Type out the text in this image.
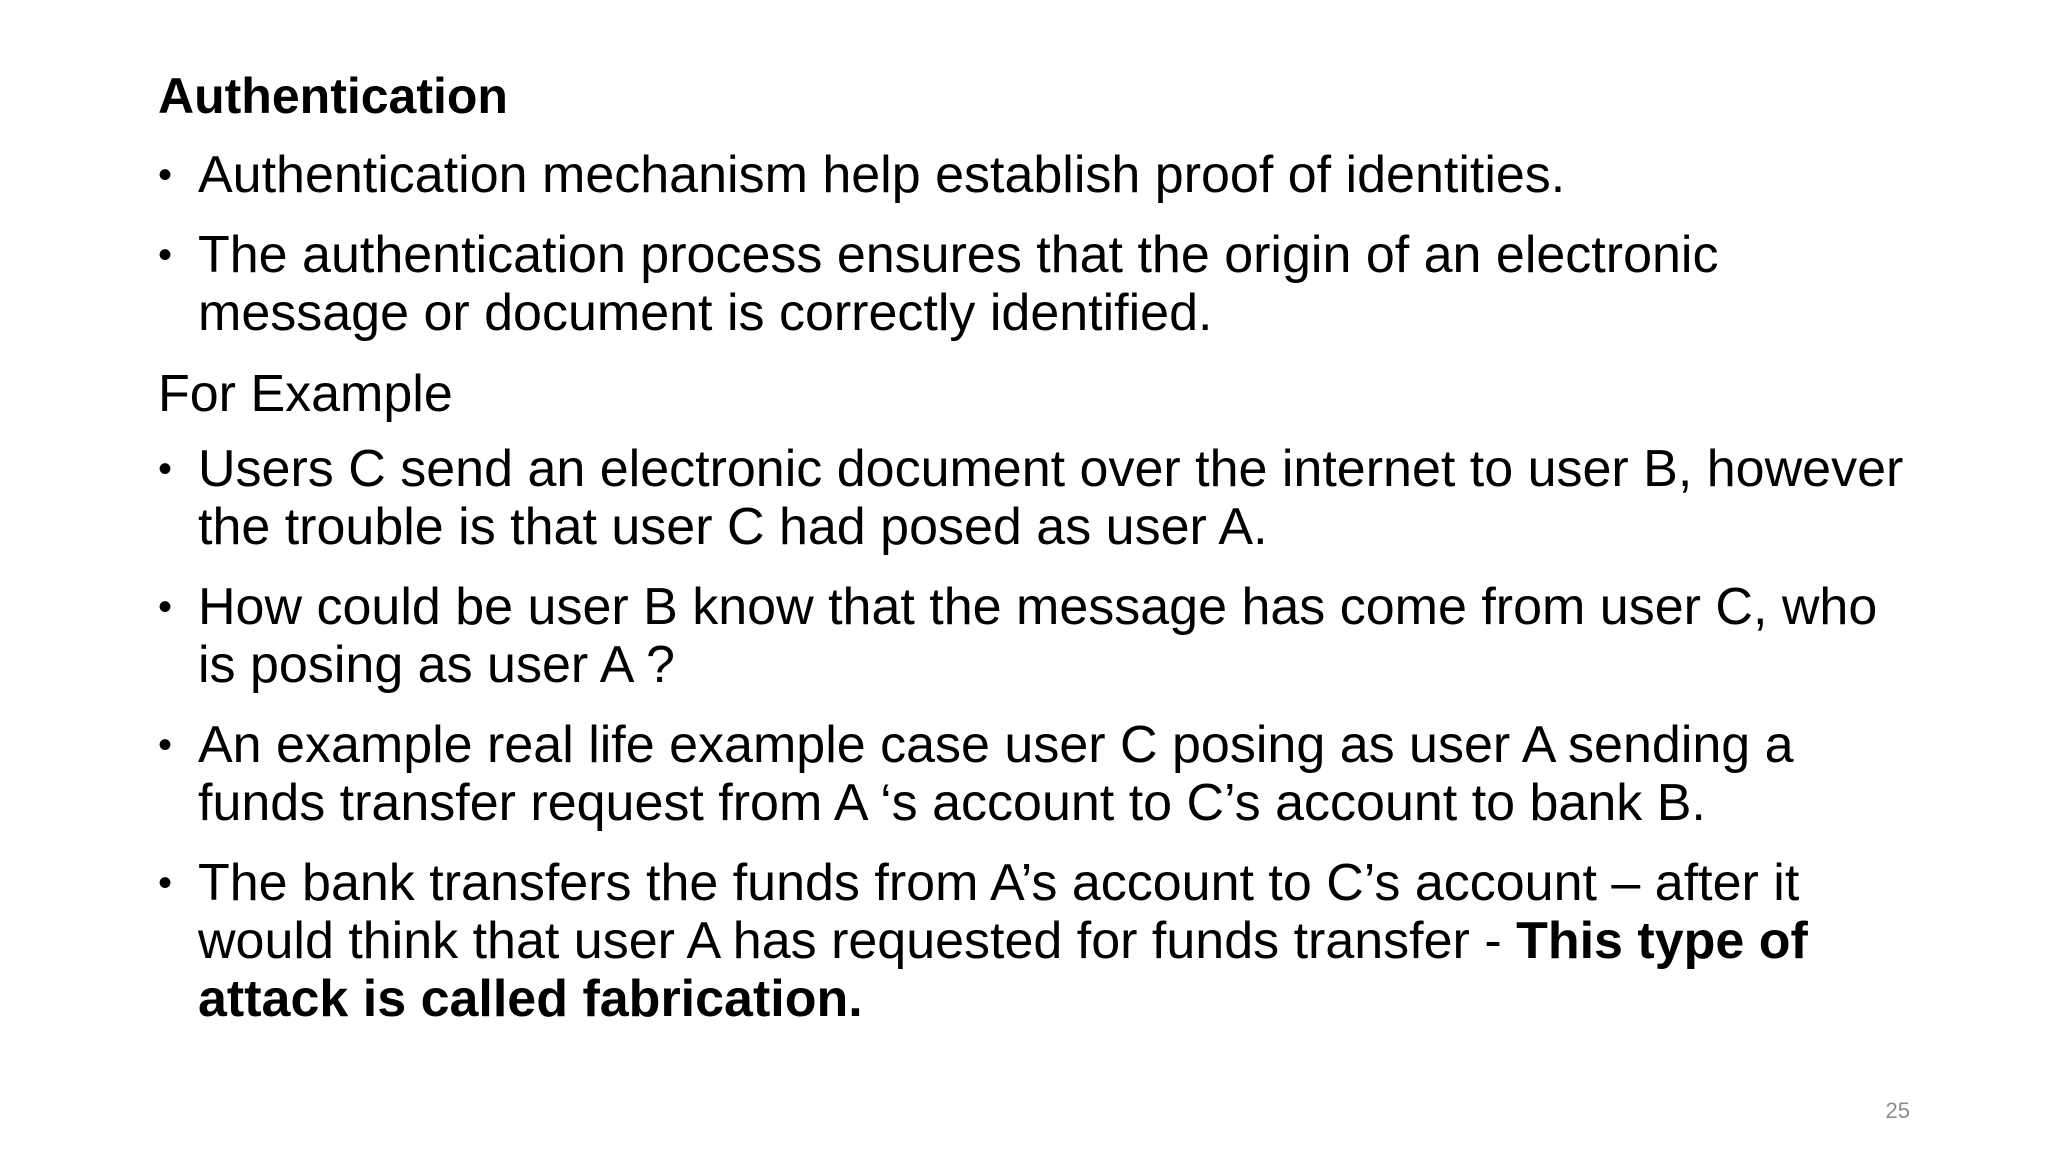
Authentication
• Authentication mechanism help establish proof of identities.
• The authentication process ensures that the origin of an electronic message or document is correctly identified.
For Example
• Users C send an electronic document over the internet to user B, however the trouble is that user C had posed as user A.
• How could be user B know that the message has come from user C, who is posing as user A ?
• An example real life example case user C posing as user A sending a funds transfer request from A ‘s account to C’s account to bank B.
• The bank transfers the funds from A’s account to C’s account – after it would think that user A has requested for funds transfer - This type of attack is called fabrication.
25
